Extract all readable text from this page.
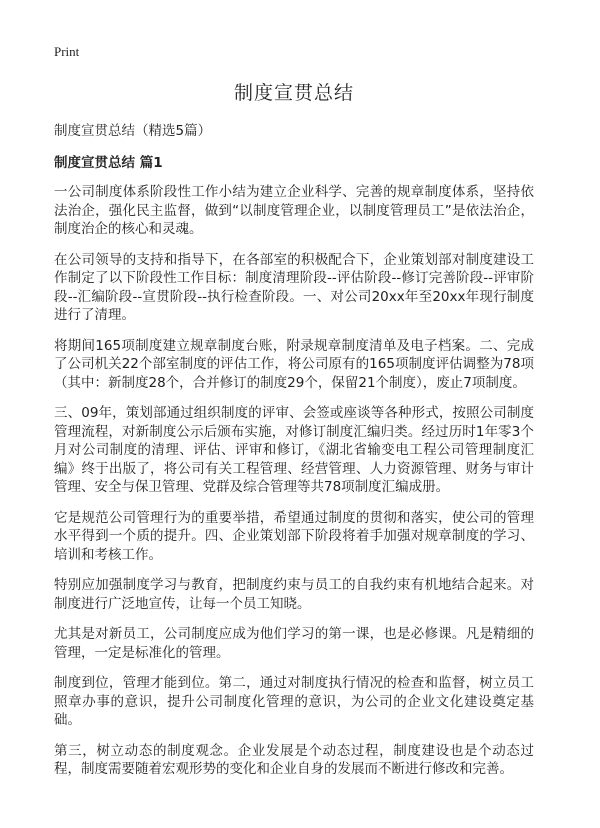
Print
制度宣贯总结
制度宣贯总结（精选5篇）
制度宣贯总结 篇1

一公司制度体系阶段性工作小结为建立企业科学、完善的规章制度体系，坚持依法治企，强化民主监督，做到“以制度管理企业，以制度管理员工”是依法治企，制度治企的核心和灵魂。

在公司领导的支持和指导下，在各部室的积极配合下，企业策划部对制度建设工作制定了以下阶段性工作目标：制度清理阶段--评估阶段--修订完善阶段--评审阶段--汇编阶段--宣贯阶段--执行检查阶段。一、对公司20xx年至20xx年现行制度进行了清理。

将期间165项制度建立规章制度台账，附录规章制度清单及电子档案。二、完成了公司机关22个部室制度的评估工作，将公司原有的165项制度评估调整为78项（其中：新制度28个，合并修订的制度29个，保留21个制度），废止7项制度。

三、09年，策划部通过组织制度的评审、会签或座谈等各种形式，按照公司制度管理流程，对新制度公示后颁布实施，对修订制度汇编归类。经过历时1年零3个月对公司制度的清理、评估、评审和修订，《湖北省输变电工程公司管理制度汇编》终于出版了，将公司有关工程管理、经营管理、人力资源管理、财务与审计管理、安全与保卫管理、党群及综合管理等共78项制度汇编成册。

它是规范公司管理行为的重要举措，希望通过制度的贯彻和落实，使公司的管理水平得到一个质的提升。四、企业策划部下阶段将着手加强对规章制度的学习、培训和考核工作。

特别应加强制度学习与教育，把制度约束与员工的自我约束有机地结合起来。对制度进行广泛地宣传，让每一个员工知晓。

尤其是对新员工，公司制度应成为他们学习的第一课，也是必修课。凡是精细的管理，一定是标准化的管理。

制度到位，管理才能到位。第二，通过对制度执行情况的检查和监督，树立员工照章办事的意识，提升公司制度化管理的意识，为公司的企业文化建设奠定基础。

第三，树立动态的制度观念。企业发展是个动态过程，制度建设也是个动态过程，制度需要随着宏观形势的变化和企业自身的发展而不断进行修改和完善。
